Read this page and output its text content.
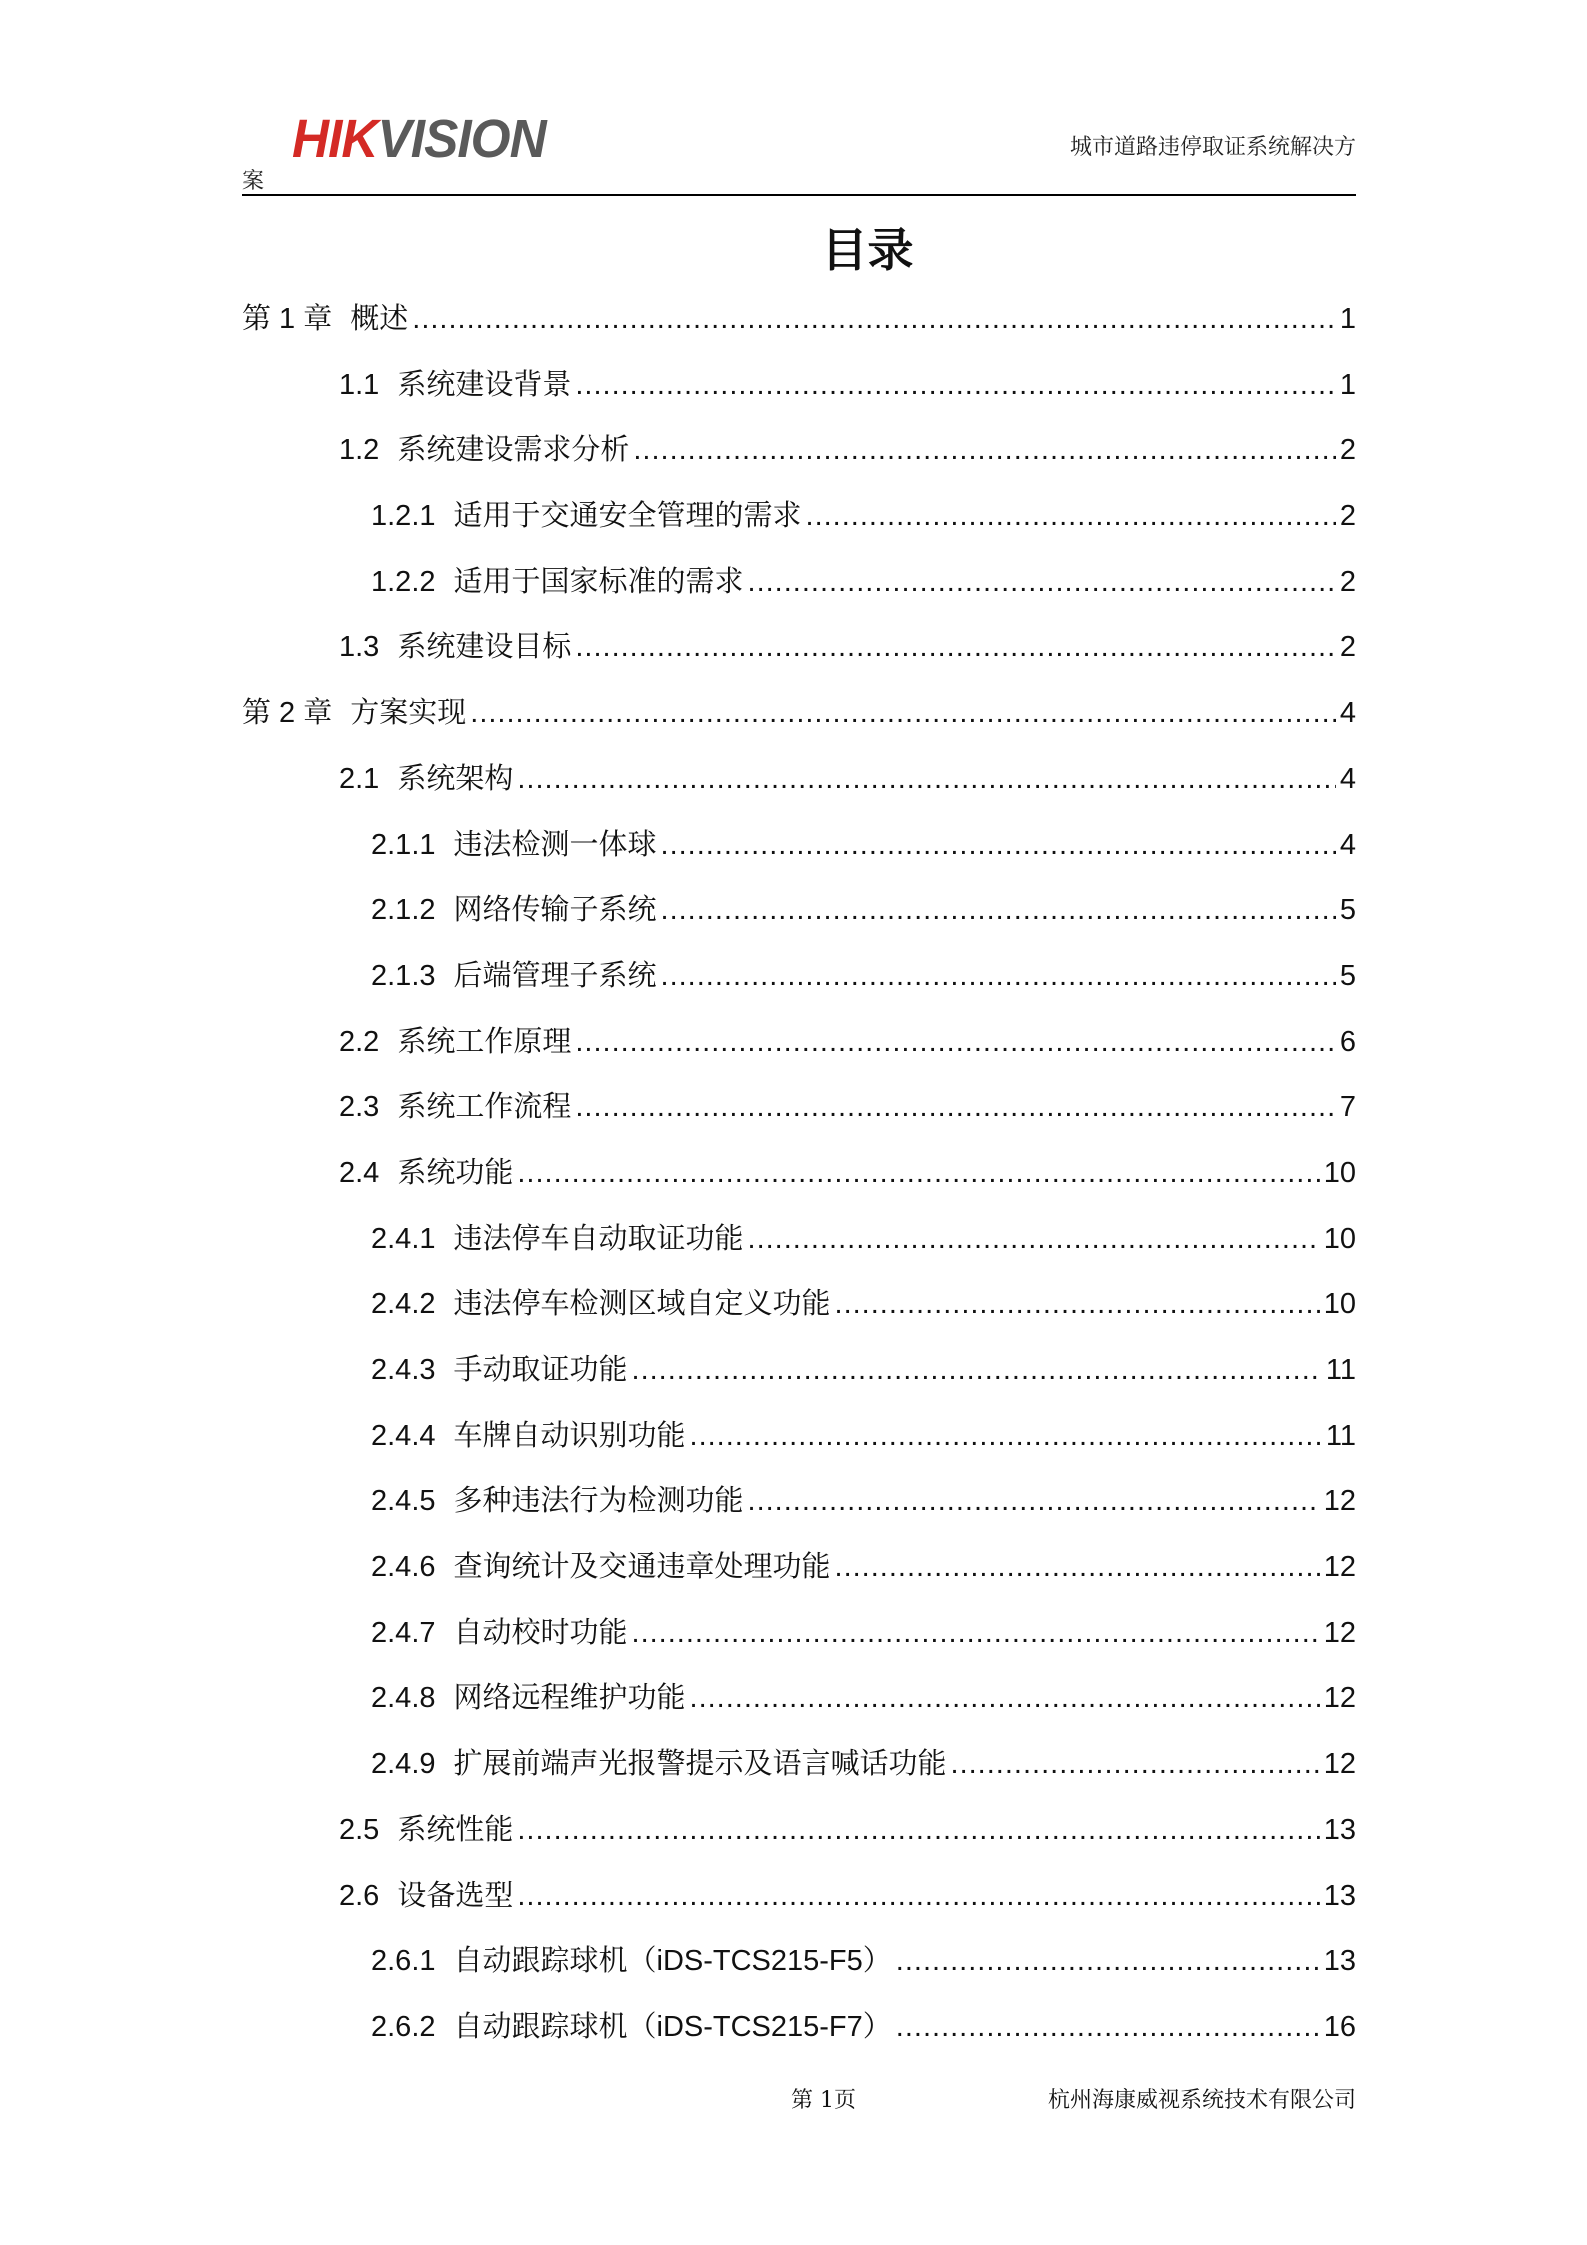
HIKVISION	城市道路违停取证系统解决方
案
目录
第 1 章 概述 .....	1
1.1 系统建设背景 .....	1
1.2 系统建设需求分析 .....	2
1.2.1 适用于交通安全管理的需求 .....	2
1.2.2 适用于国家标准的需求 .....	2
1.3 系统建设目标 .....	2
第 2 章 方案实现 .....	4
2.1 系统架构 .....	4
2.1.1 违法检测一体球 .....	4
2.1.2 网络传输子系统 .....	5
2.1.3 后端管理子系统 .....	5
2.2 系统工作原理 .....	6
2.3 系统工作流程 .....	7
2.4 系统功能 .....	10
2.4.1 违法停车自动取证功能 .....	10
2.4.2 违法停车检测区域自定义功能 .....	10
2.4.3 手动取证功能 .....	11
2.4.4 车牌自动识别功能 .....	11
2.4.5 多种违法行为检测功能 .....	12
2.4.6 查询统计及交通违章处理功能 .....	12
2.4.7 自动校时功能 .....	12
2.4.8 网络远程维护功能 .....	12
2.4.9 扩展前端声光报警提示及语言喊话功能 .....	12
2.5 系统性能 .....	13
2.6 设备选型 .....	13
2.6.1 自动跟踪球机（iDS-TCS215-F5） .....	13
2.6.2 自动跟踪球机（iDS-TCS215-F7） .....	16
第 1页	杭州海康威视系统技术有限公司
